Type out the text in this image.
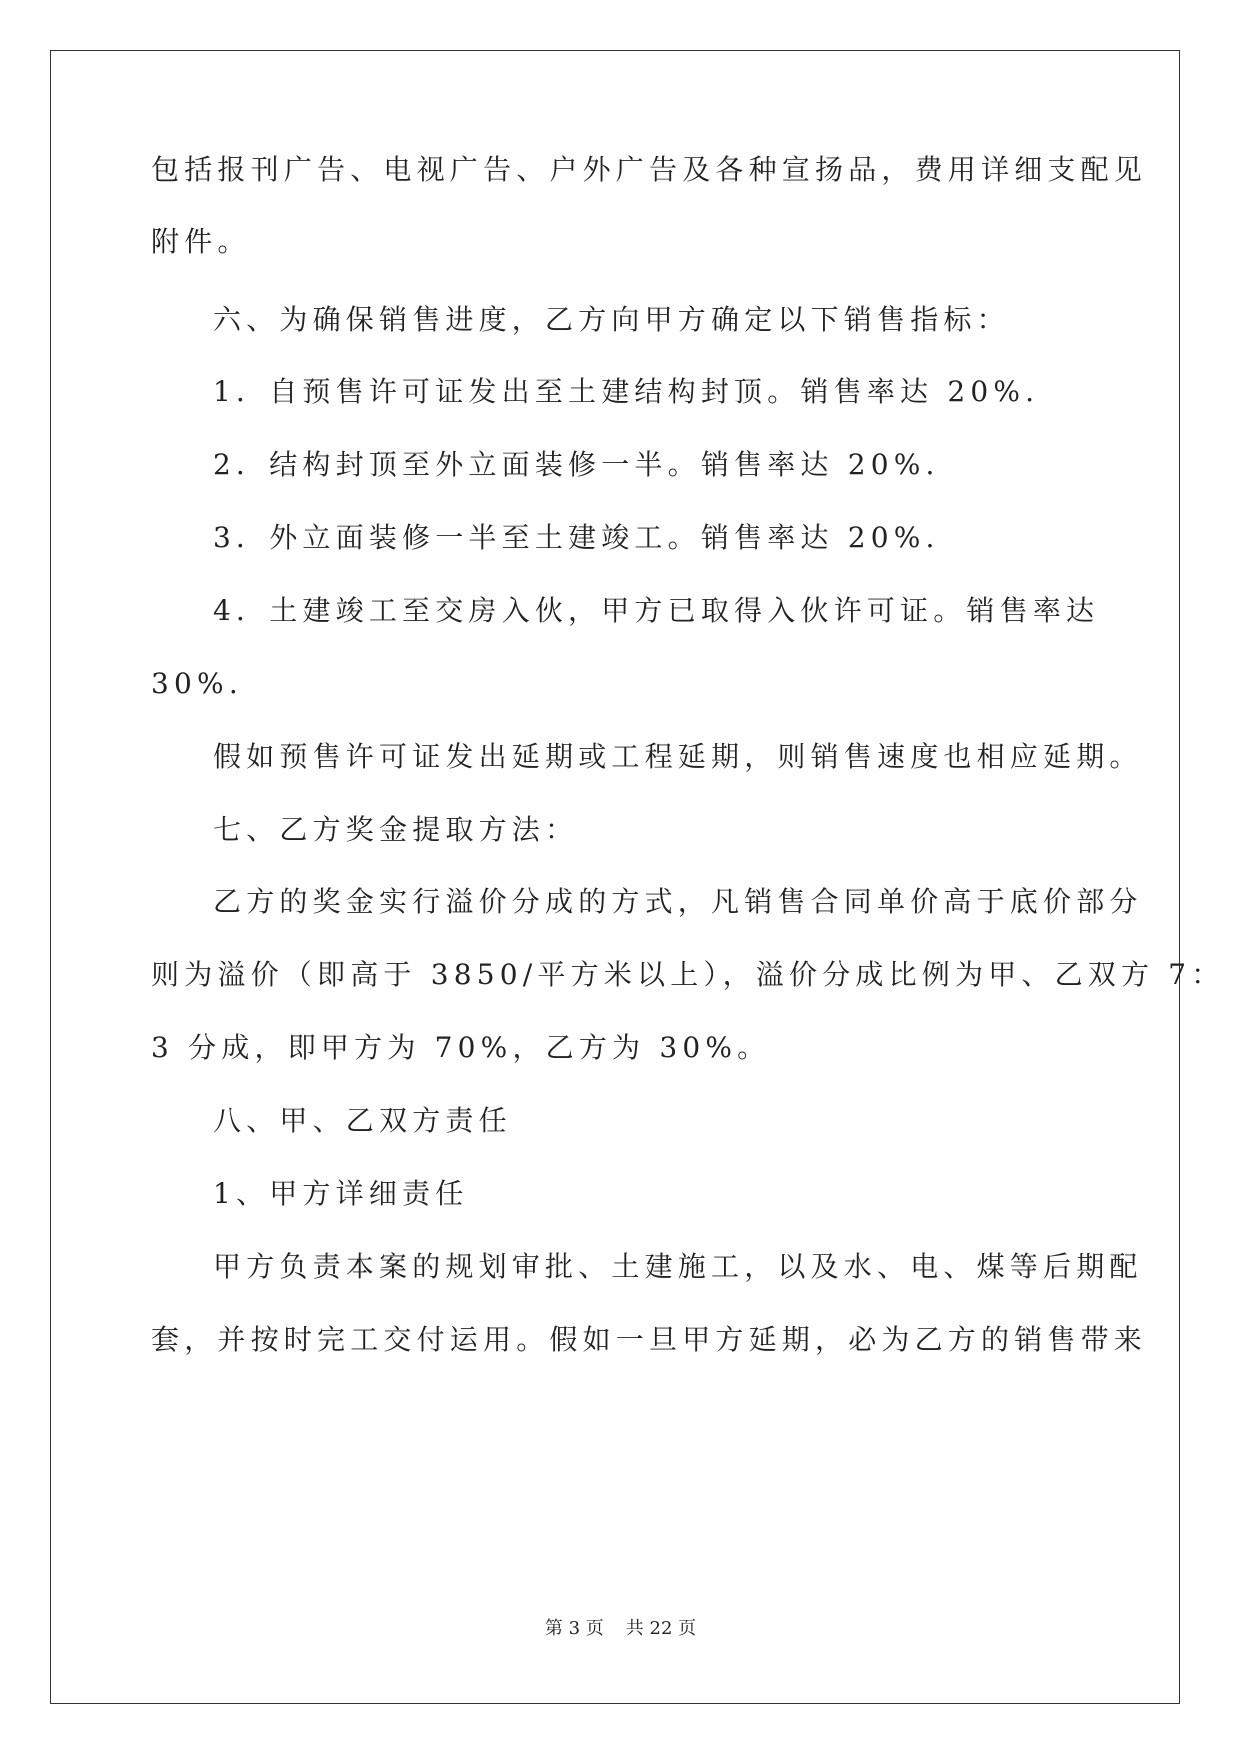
包括报刊广告、电视广告、户外广告及各种宣扬品，费用详细支配见
附件。
六、为确保销售进度，乙方向甲方确定以下销售指标：
1．自预售许可证发出至土建结构封顶。销售率达 20%.
2．结构封顶至外立面装修一半。销售率达 20%.
3．外立面装修一半至土建竣工。销售率达 20%.
4．土建竣工至交房入伙，甲方已取得入伙许可证。销售率达
30%.
假如预售许可证发出延期或工程延期，则销售速度也相应延期。
七、乙方奖金提取方法：
乙方的奖金实行溢价分成的方式，凡销售合同单价高于底价部分
则为溢价（即高于 3850/平方米以上），溢价分成比例为甲、乙双方 7：
3 分成，即甲方为 70%，乙方为 30%。
八、甲、乙双方责任
1、甲方详细责任
甲方负责本案的规划审批、土建施工，以及水、电、煤等后期配
套，并按时完工交付运用。假如一旦甲方延期，必为乙方的销售带来
第 3 页 共 22 页
